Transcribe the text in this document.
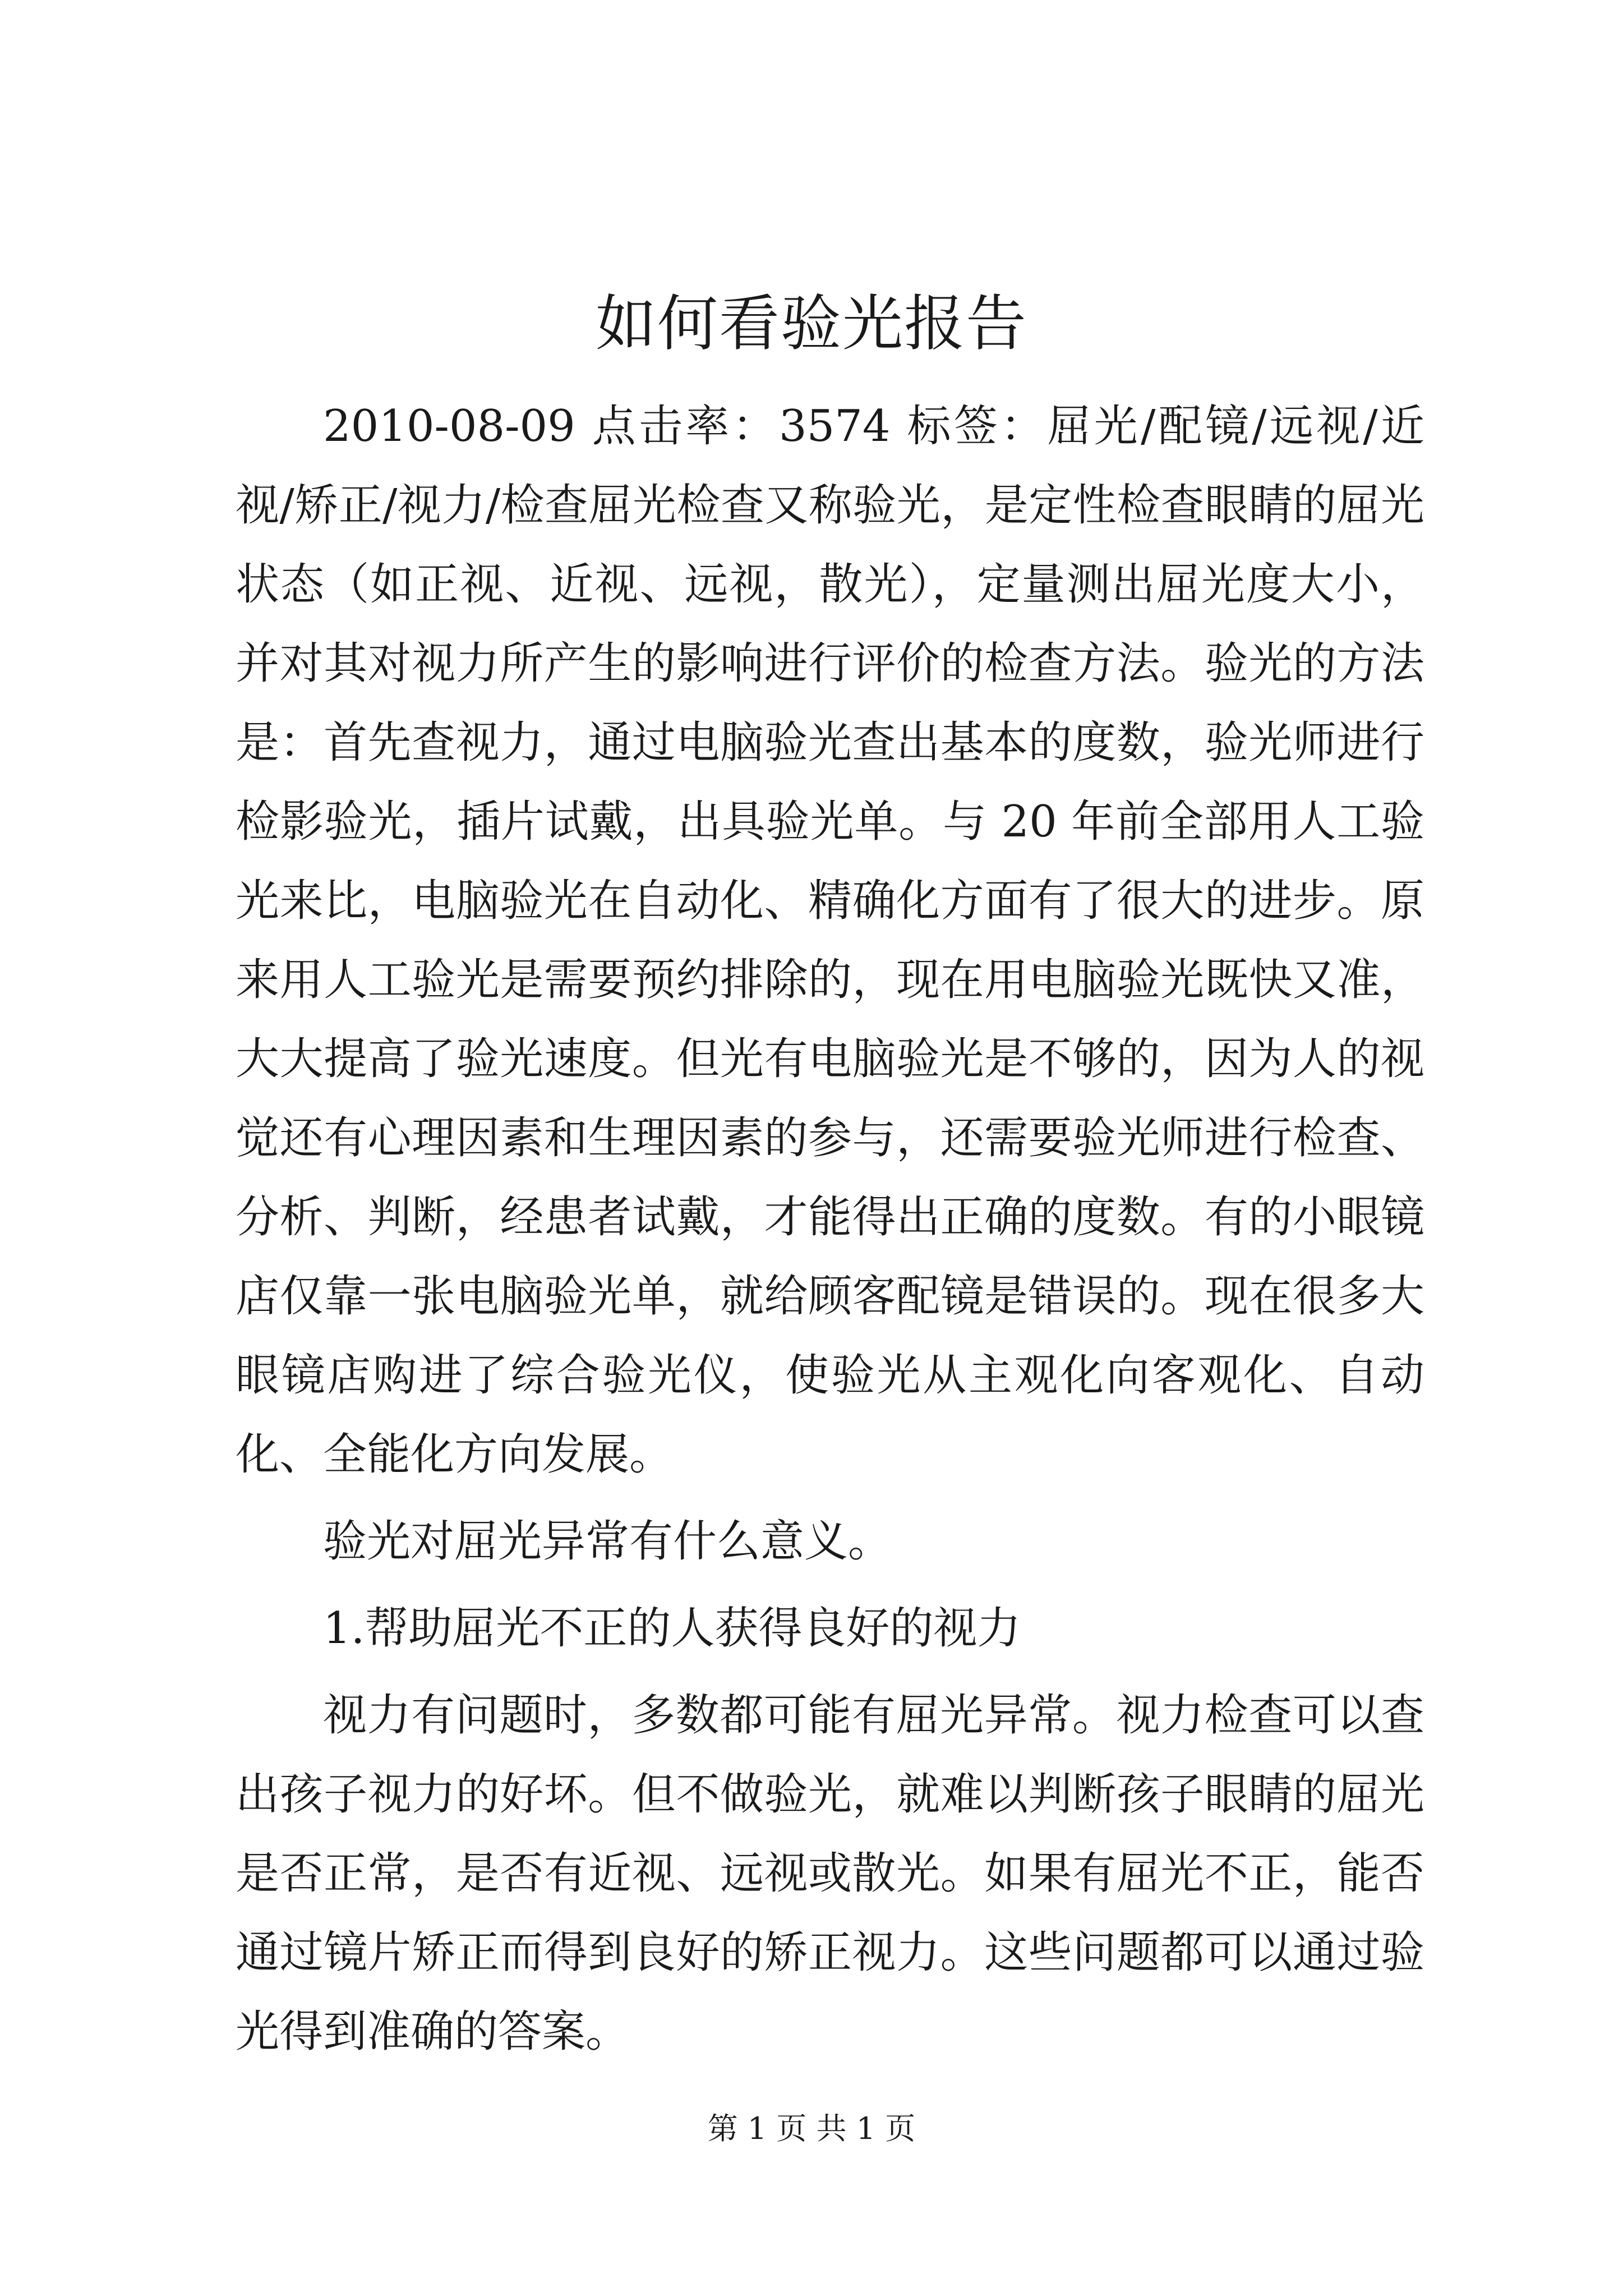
如何看验光报告

2010-08-09 点击率：3574 标签：屈光/配镜/远视/近视/矫正/视力/检查屈光检查又称验光，是定性检查眼睛的屈光状态（如正视、近视、远视，散光），定量测出屈光度大小，并对其对视力所产生的影响进行评价的检查方法。验光的方法是：首先查视力，通过电脑验光查出基本的度数，验光师进行检影验光，插片试戴，出具验光单。与 20 年前全部用人工验光来比，电脑验光在自动化、精确化方面有了很大的进步。原来用人工验光是需要预约排除的，现在用电脑验光既快又准，大大提高了验光速度。但光有电脑验光是不够的，因为人的视觉还有心理因素和生理因素的参与，还需要验光师进行检查、分析、判断，经患者试戴，才能得出正确的度数。有的小眼镜店仅靠一张电脑验光单，就给顾客配镜是错误的。现在很多大眼镜店购进了综合验光仪，使验光从主观化向客观化、自动化、全能化方向发展。

验光对屈光异常有什么意义。

1.帮助屈光不正的人获得良好的视力

视力有问题时，多数都可能有屈光异常。视力检查可以查出孩子视力的好坏。但不做验光，就难以判断孩子眼睛的屈光是否正常，是否有近视、远视或散光。如果有屈光不正，能否通过镜片矫正而得到良好的矫正视力。这些问题都可以通过验光得到准确的答案。

第 1 页 共 1 页
